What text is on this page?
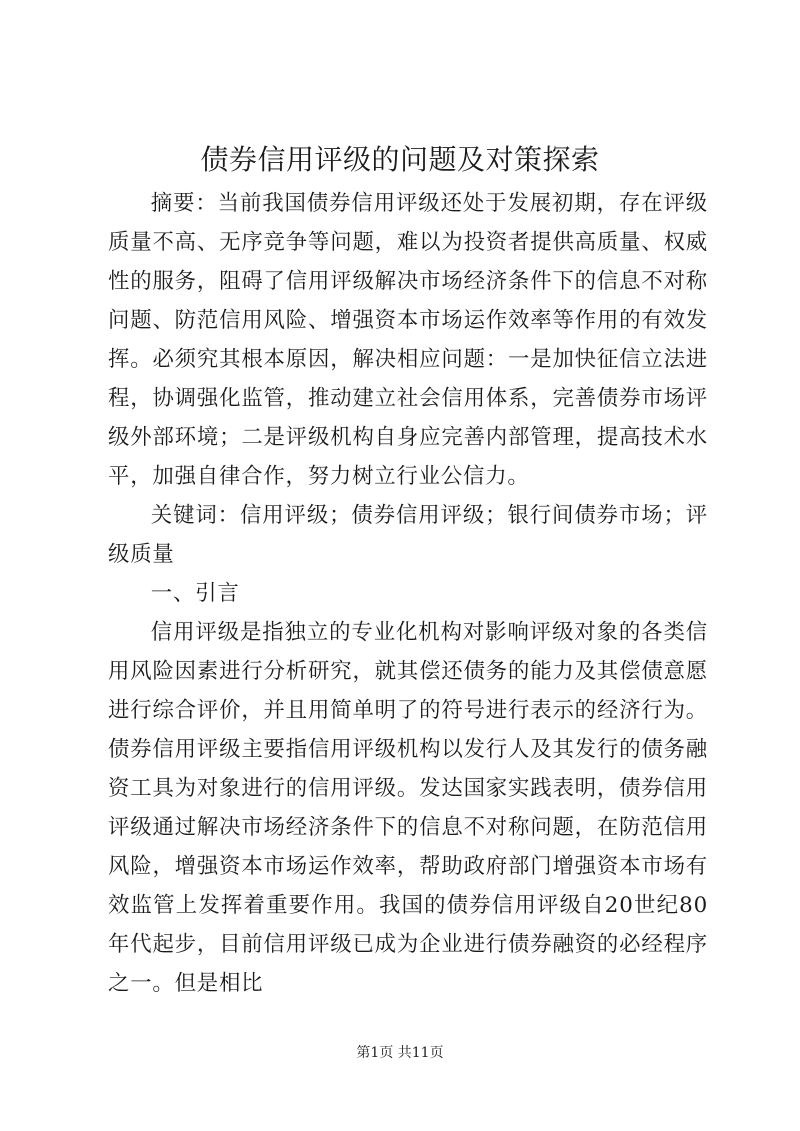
债券信用评级的问题及对策探索

摘要：当前我国债券信用评级还处于发展初期，存在评级质量不高、无序竞争等问题，难以为投资者提供高质量、权威性的服务，阻碍了信用评级解决市场经济条件下的信息不对称问题、防范信用风险、增强资本市场运作效率等作用的有效发挥。必须究其根本原因，解决相应问题：一是加快征信立法进程，协调强化监管，推动建立社会信用体系，完善债券市场评级外部环境；二是评级机构自身应完善内部管理，提高技术水平，加强自律合作，努力树立行业公信力。

关键词：信用评级；债券信用评级；银行间债券市场；评级质量

一、引言

信用评级是指独立的专业化机构对影响评级对象的各类信用风险因素进行分析研究，就其偿还债务的能力及其偿债意愿进行综合评价，并且用简单明了的符号进行表示的经济行为。债券信用评级主要指信用评级机构以发行人及其发行的债务融资工具为对象进行的信用评级。发达国家实践表明，债券信用评级通过解决市场经济条件下的信息不对称问题，在防范信用风险，增强资本市场运作效率，帮助政府部门增强资本市场有效监管上发挥着重要作用。我国的债券信用评级自20世纪80年代起步，目前信用评级已成为企业进行债券融资的必经程序之一。但是相比

第1页 共11页
